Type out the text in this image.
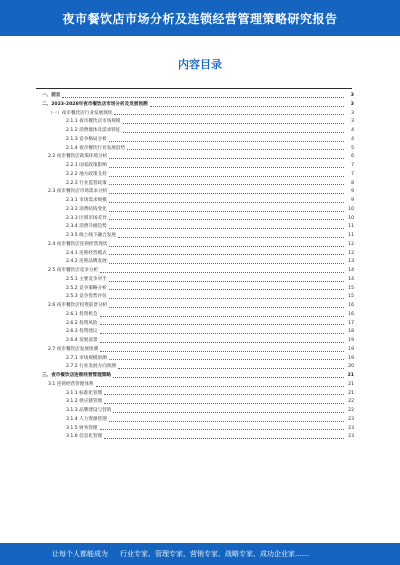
夜市餐饮店市场分析及连锁经营管理策略研究报告
内容目录
一、前言	3
二、2023-2028年夜市餐饮店市场分析及发展预测	3
（一）夜市餐饮店行业发展现状	3
2.1.1 夜市餐饮店市场规模	3
2.1.2 消费群体及需求特征	4
2.1.3 竞争格局分析	4
2.1.4 夜市餐饮行业发展趋势	5
2.2 夜市餐饮店政策环境分析	6
2.2.1 国家政策影响	7
2.2.2 地方政策支持	7
2.2.3 行业监管政策	8
2.3 夜市餐饮店市场需求分析	9
2.3.1 市场需求规模	9
2.3.2 消费结构变化	10
2.3.3 区域市场差异	10
2.3.4 消费升级趋势	11
2.3.5 线上线下融合发展	11
2.4 夜市餐饮店连锁经营现状	12
2.4.1 连锁经营模式	12
2.4.2 连锁品牌发展	13
2.5 夜市餐饮店竞争分析	14
2.5.1 主要竞争对手	14
2.5.2 竞争策略分析	15
2.5.3 竞争优势评估	15
2.6 夜市餐饮店投资前景分析	16
2.6.1 投资机会	16
2.6.2 投资风险	17
2.6.3 投资建议	18
2.6.4 发展前景	19
2.7 夜市餐饮店发展预测	19
2.7.1 市场规模预测	19
2.7.2 行业发展方向预测	20
三、夜市餐饮店连锁经营管理策略	21
3.1 连锁经营管理体系	21
3.1.1 标准化管理	21
3.1.2 供应链管理	22
3.1.3 品牌建设与营销	22
3.1.4 人力资源管理	23
3.1.5 财务管理	23
3.1.6 信息化管理	23
让每个人都能成为 行业专家、管理专家、营销专家、战略专家、成功企业家……
